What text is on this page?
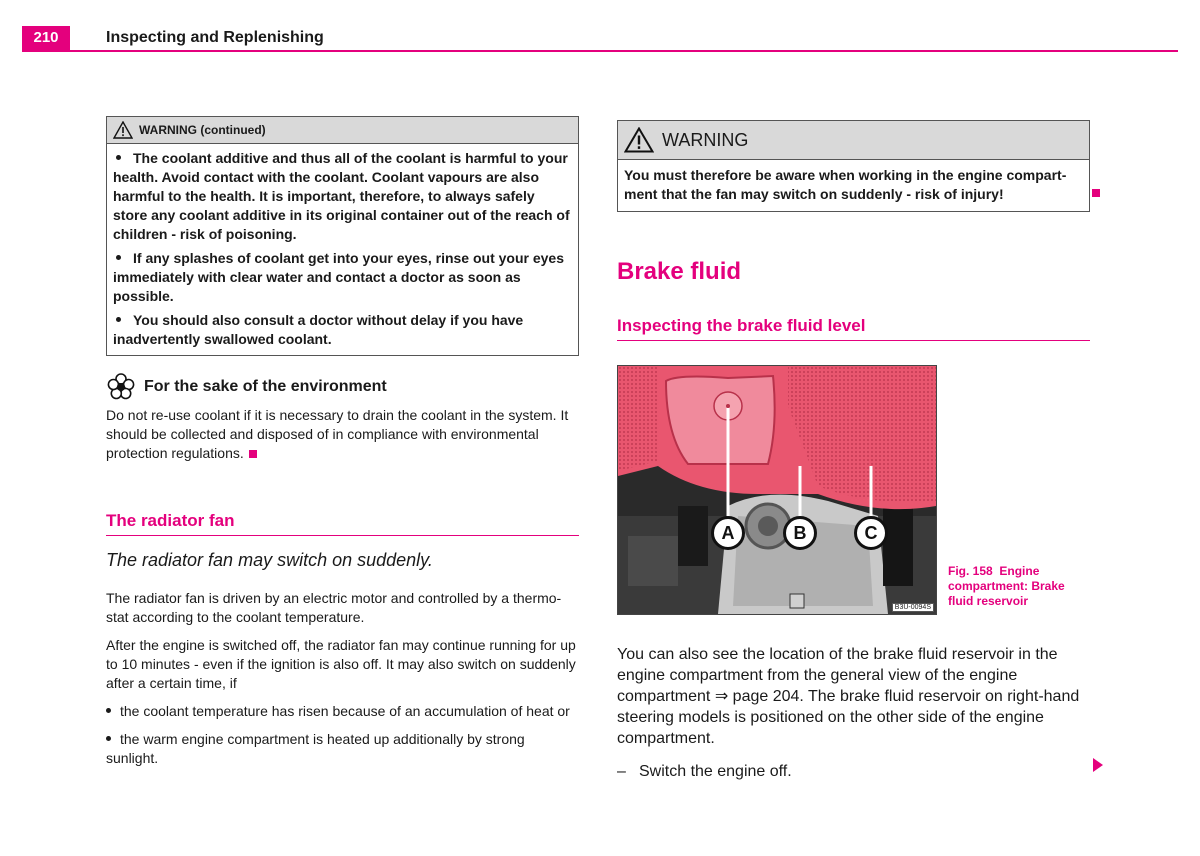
210	Inspecting and Replenishing
WARNING (continued)

The coolant additive and thus all of the coolant is harmful to your health. Avoid contact with the coolant. Coolant vapours are also harmful to the health. It is important, therefore, to always safely store any coolant additive in its original container out of the reach of children - risk of poisoning.

If any splashes of coolant get into your eyes, rinse out your eyes immediately with clear water and contact a doctor as soon as possible.

You should also consult a doctor without delay if you have inadvertently swallowed coolant.

For the sake of the environment

Do not re-use coolant if it is necessary to drain the coolant in the system. It should be collected and disposed of in compliance with environmental protection regulations.

The radiator fan
The radiator fan may switch on suddenly.

The radiator fan is driven by an electric motor and controlled by a thermo-stat according to the coolant temperature.

After the engine is switched off, the radiator fan may continue running for up to 10 minutes - even if the ignition is also off. It may also switch on suddenly after a certain time, if

the coolant temperature has risen because of an accumulation of heat or

the warm engine compartment is heated up additionally by strong sunlight.

WARNING

You must therefore be aware when working in the engine compart-ment that the fan may switch on suddenly - risk of injury!

Brake fluid
Inspecting the brake fluid level
A	B	C
B3U-0094S

You can also see the location of the brake fluid reservoir in the engine compartment from the general view of the engine compartment ⇒ page 204. The brake fluid reservoir on right-hand steering models is positioned on the other side of the engine compartment.

– Switch the engine off.
Fig. 158 Engine compartment: Brake fluid reservoir
